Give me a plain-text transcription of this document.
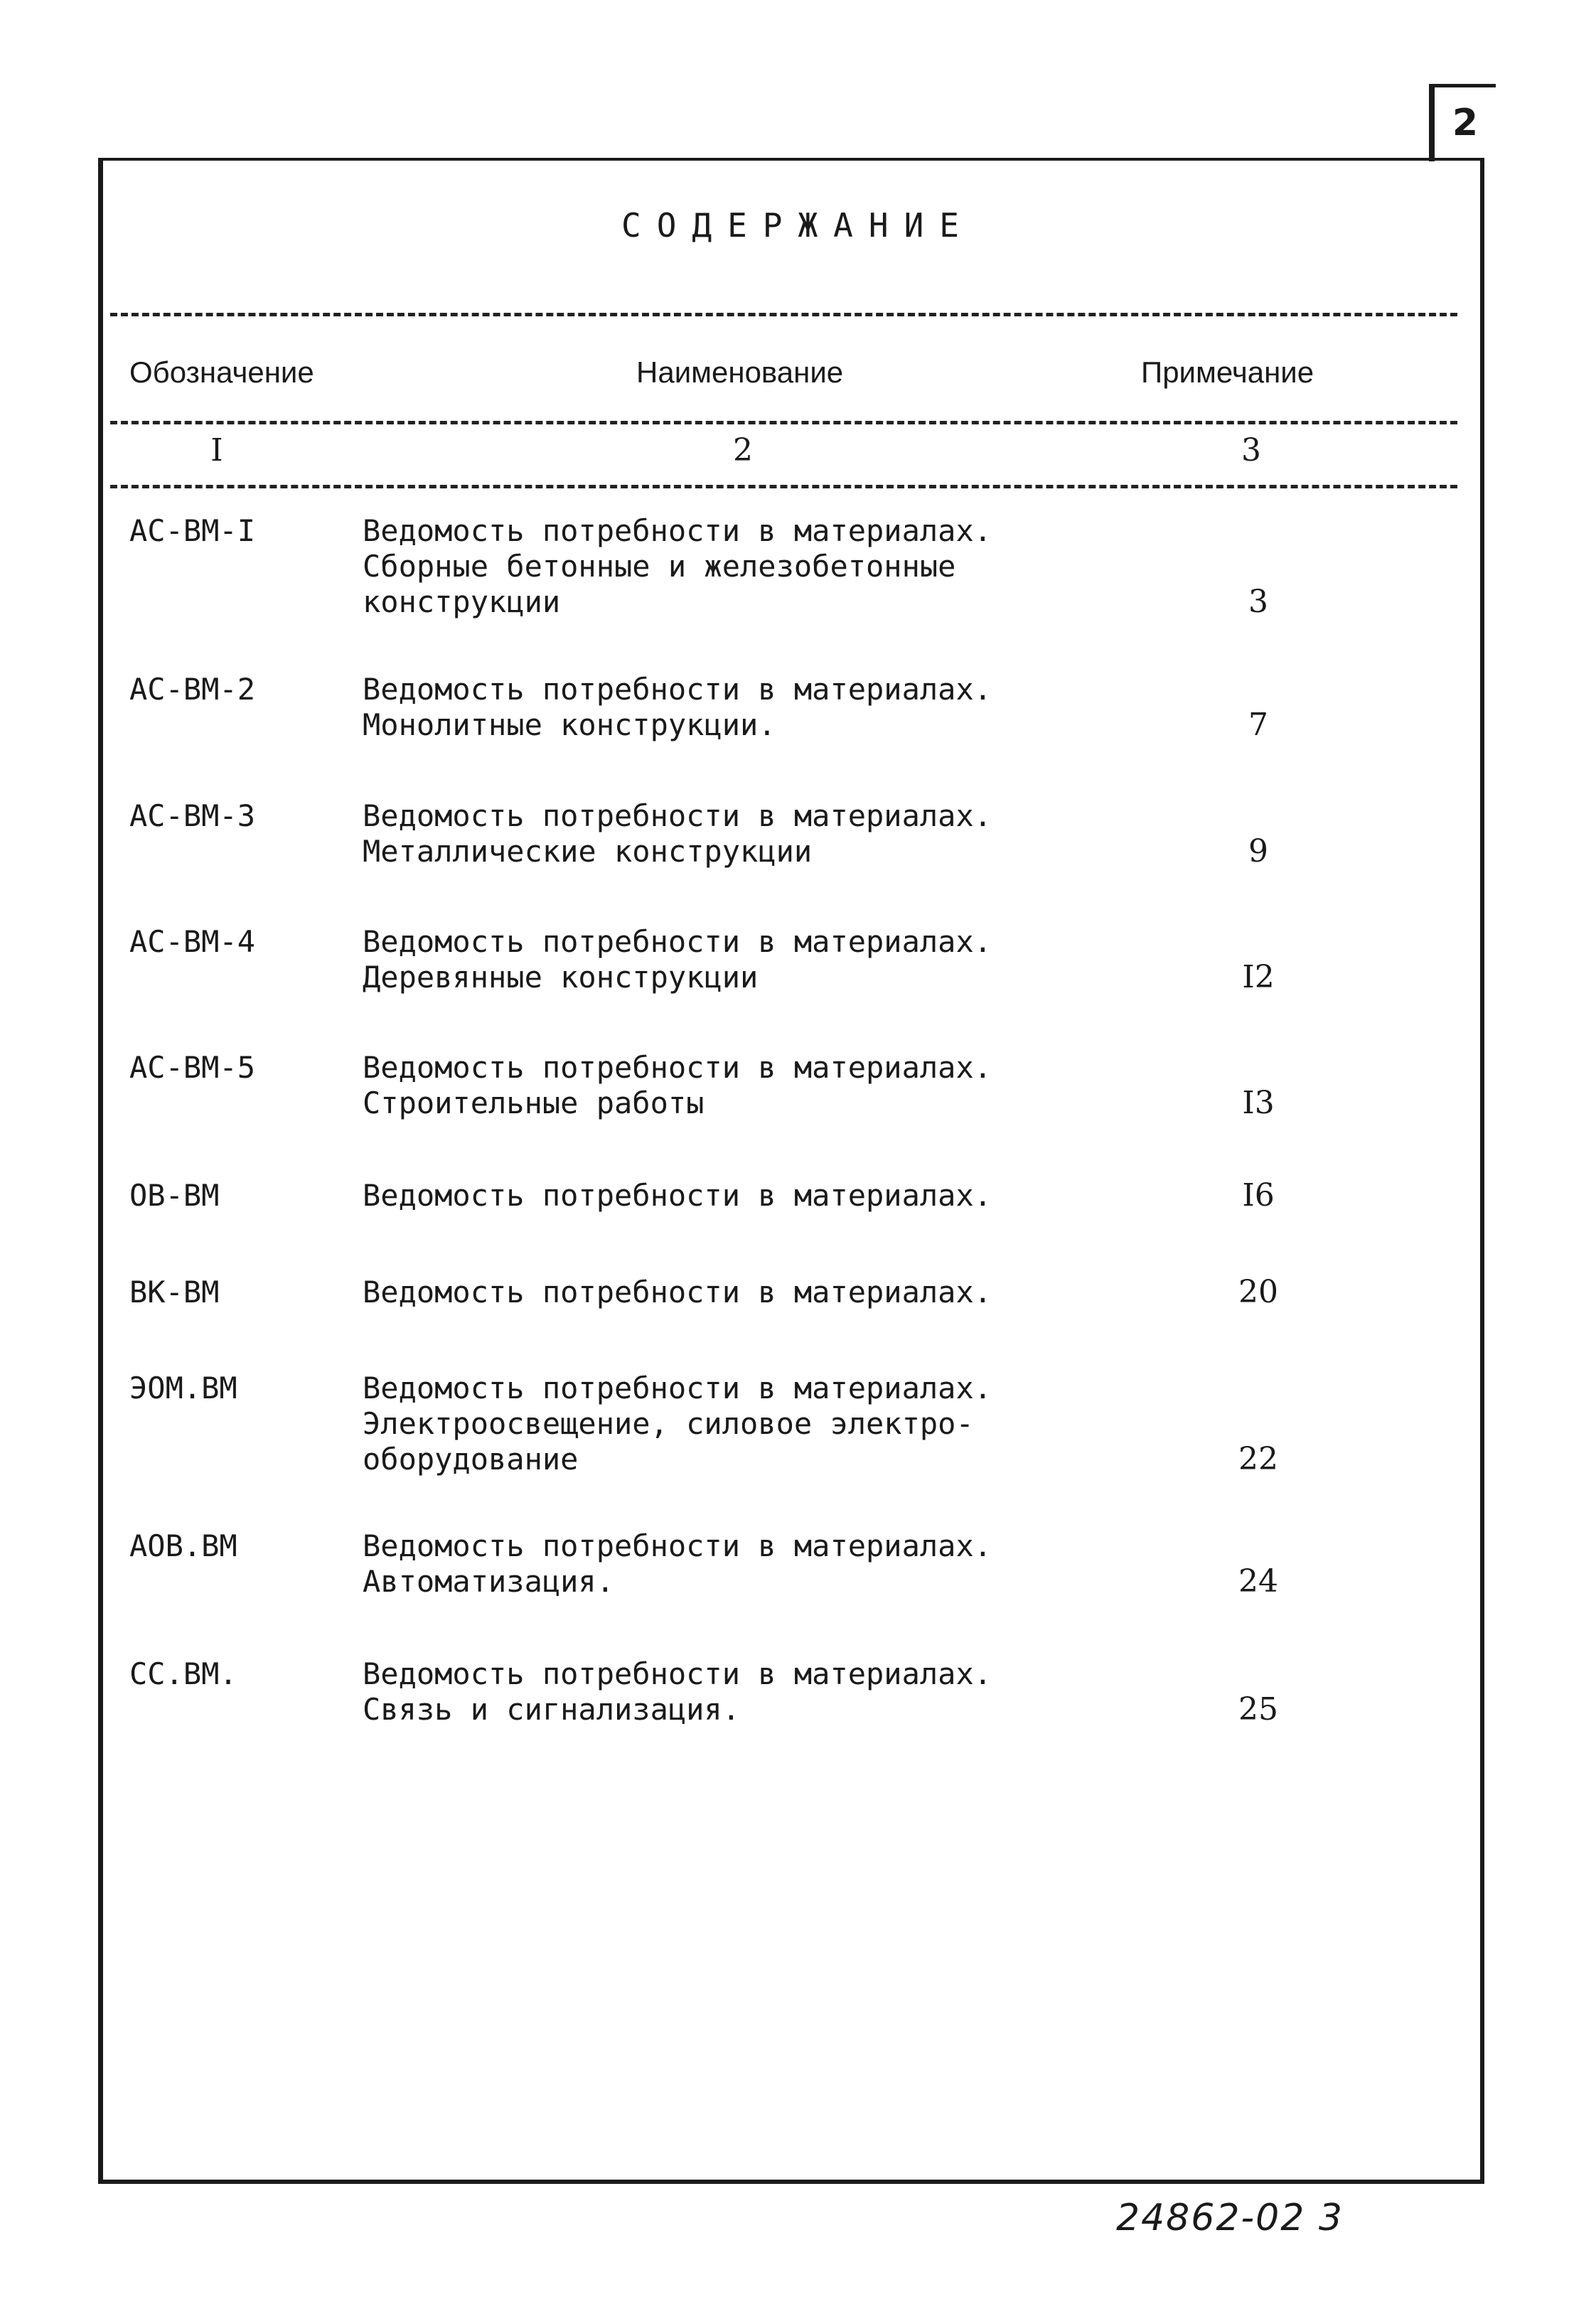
2
СОДЕРЖАНИЕ
Обозначение	Наименование	Примечание
I	2	3
АС-ВМ-I	Ведомость потребности в материалах.
Сборные бетонные и железобетонные
конструкции	3
АС-ВМ-2	Ведомость потребности в материалах.
Монолитные конструкции.	7
АС-ВМ-3	Ведомость потребности в материалах.
Металлические конструкции	9
АС-ВМ-4	Ведомость потребности в материалах.
Деревянные конструкции	I2
АС-ВМ-5	Ведомость потребности в материалах.
Строительные работы	I3
ОВ-ВМ	Ведомость потребности в материалах.	I6
ВК-ВМ	Ведомость потребности в материалах.	20
ЭОМ.ВМ	Ведомость потребности в материалах.
Электроосвещение, силовое электро-
оборудование	22
АОВ.ВМ	Ведомость потребности в материалах.
Автоматизация.	24
СС.ВМ.	Ведомость потребности в материалах.
Связь и сигнализация.	25
24862-02 3
